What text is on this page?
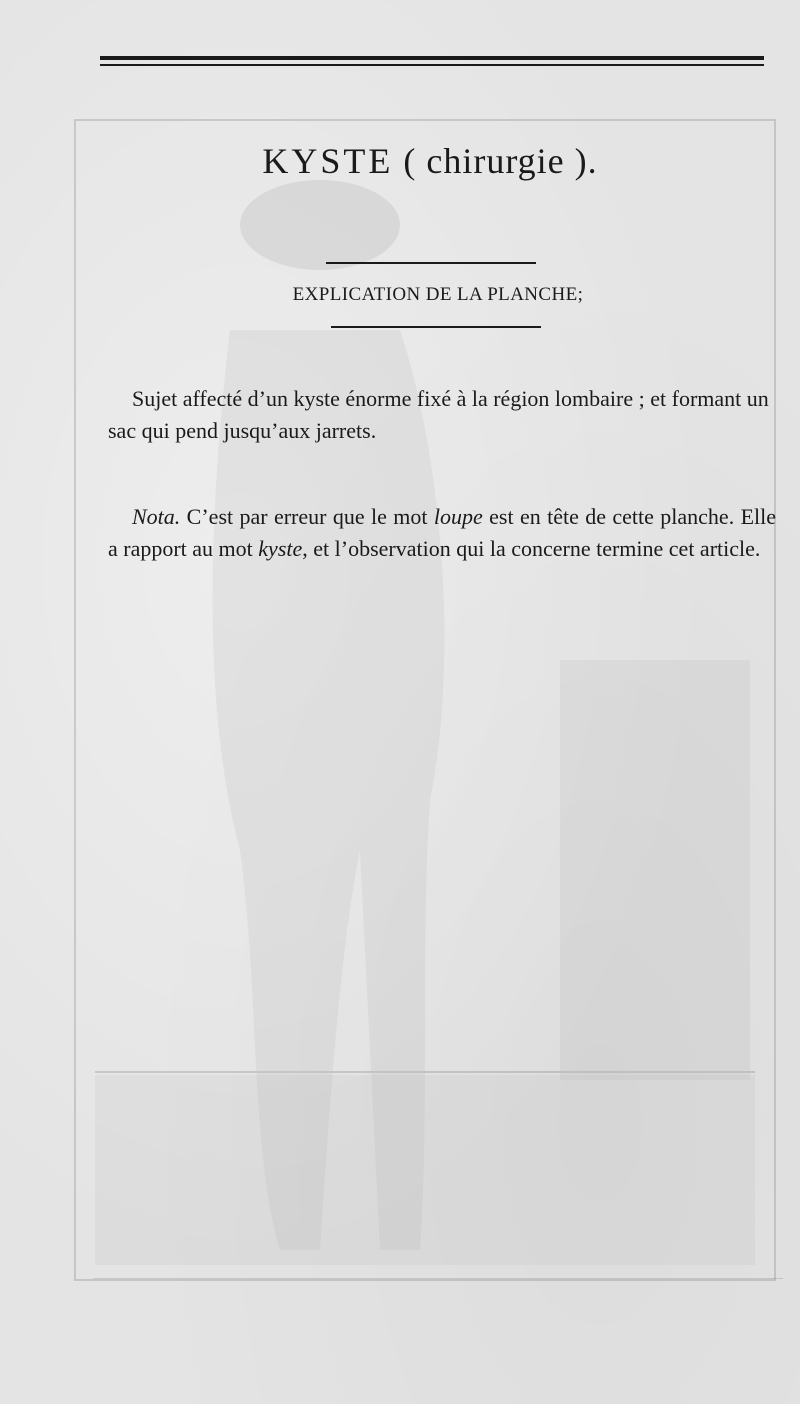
KYSTE ( chirurgie ).
EXPLICATION DE LA PLANCHE;
Sujet affecté d’un kyste énorme fixé à la région lombaire ; et formant un sac qui pend jusqu’aux jarrets.
Nota. C’est par erreur que le mot loupe est en tête de cette planche. Elle a rapport au mot kyste, et l’observation qui la concerne termine cet article.
